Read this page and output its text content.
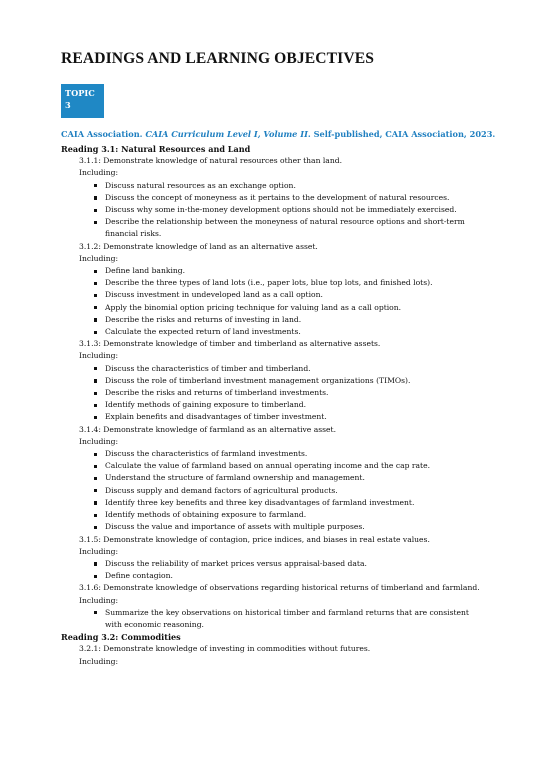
READINGS AND LEARNING OBJECTIVES
TOPIC
3
CAIA Association. CAIA Curriculum Level I, Volume II. Self-published, CAIA Association, 2023.
Reading 3.1: Natural Resources and Land
3.1.1: Demonstrate knowledge of natural resources other than land.
Including:
Discuss natural resources as an exchange option.
Discuss the concept of moneyness as it pertains to the development of natural resources.
Discuss why some in-the-money development options should not be immediately exercised.
Describe the relationship between the moneyness of natural resource options and short-term financial risks.
3.1.2: Demonstrate knowledge of land as an alternative asset.
Including:
Define land banking.
Describe the three types of land lots (i.e., paper lots, blue top lots, and finished lots).
Discuss investment in undeveloped land as a call option.
Apply the binomial option pricing technique for valuing land as a call option.
Describe the risks and returns of investing in land.
Calculate the expected return of land investments.
3.1.3: Demonstrate knowledge of timber and timberland as alternative assets.
Including:
Discuss the characteristics of timber and timberland.
Discuss the role of timberland investment management organizations (TIMOs).
Describe the risks and returns of timberland investments.
Identify methods of gaining exposure to timberland.
Explain benefits and disadvantages of timber investment.
3.1.4: Demonstrate knowledge of farmland as an alternative asset.
Including:
Discuss the characteristics of farmland investments.
Calculate the value of farmland based on annual operating income and the cap rate.
Understand the structure of farmland ownership and management.
Discuss supply and demand factors of agricultural products.
Identify three key benefits and three key disadvantages of farmland investment.
Identify methods of obtaining exposure to farmland.
Discuss the value and importance of assets with multiple purposes.
3.1.5: Demonstrate knowledge of contagion, price indices, and biases in real estate values.
Including:
Discuss the reliability of market prices versus appraisal-based data.
Define contagion.
3.1.6: Demonstrate knowledge of observations regarding historical returns of timberland and farmland.
Including:
Summarize the key observations on historical timber and farmland returns that are consistent with economic reasoning.
Reading 3.2: Commodities
3.2.1: Demonstrate knowledge of investing in commodities without futures.
Including:
